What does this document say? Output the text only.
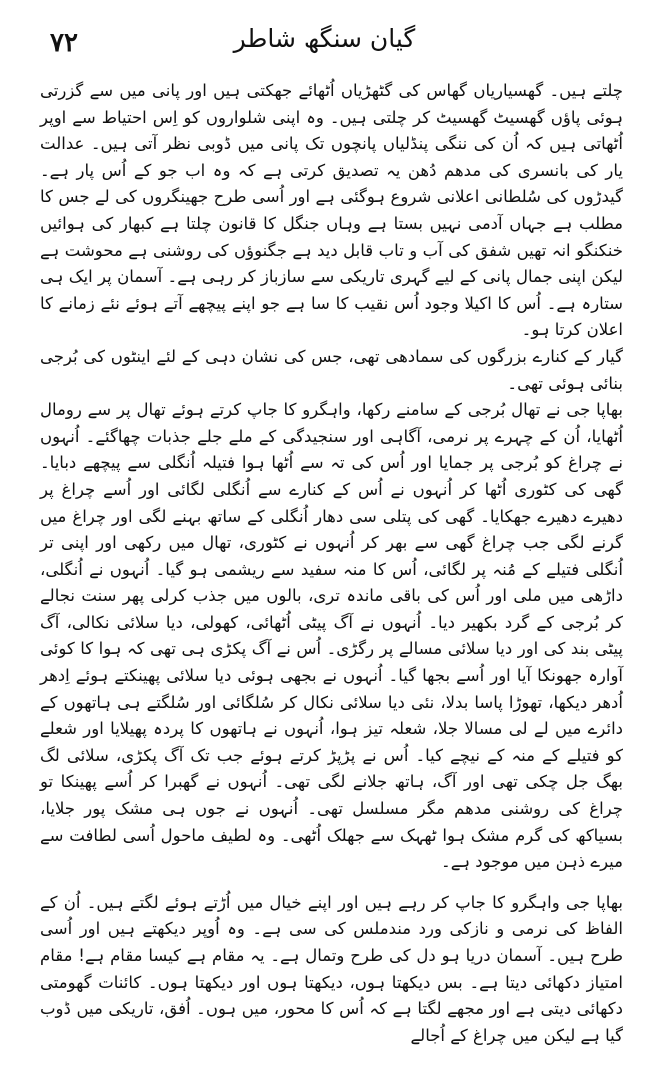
۷۲	گیان سنگھ شاطر

چلتے ہیں۔ گھسیاریاں گھاس کی گٹھڑیاں اُٹھائے جھکتی ہیں اور پانی میں سے گزرتی ہوئی پاؤں گھسیٹ گھسیٹ کر چلتی ہیں۔ وہ اپنی شلواروں کو اِس احتیاط سے اوپر اُٹھاتی ہیں کہ اُن کی ننگی پنڈلیاں پانچوں تک پانی میں ڈوبی نظر آتی ہیں۔ عدالت یار کی بانسری کی مدھم دُھن یہ تصدیق کرتی ہے کہ وہ اب جو کے اُس پار ہے۔ گیدڑوں کی سُلطانی اعلانی شروع ہوگئی ہے اور اُسی طرح جھینگروں کی لے جس کا مطلب ہے جہاں آدمی نہیں بستا ہے وہاں جنگل کا قانون چلتا ہے کبھار کی ہوائیں خنکنگو انہ تھیں شفق کی آب و تاب قابل دید ہے جگنوؤں کی روشنی ہے محوشت ہے لیکن اپنی جمال پانی کے لیے گہری تاریکی سے سازباز کر رہی ہے۔ آسمان پر ایک ہی ستارہ ہے۔ اُس کا اکیلا وجود اُس نقیب کا سا ہے جو اپنے پیچھے آتے ہوئے نئے زمانے کا اعلان کرتا ہو۔

گیار کے کنارے بزرگوں کی سمادھی تھی، جس کی نشان دہی کے لئے اینٹوں کی بُرجی بنائی ہوئی تھی۔

بھاپا جی نے تھال بُرجی کے سامنے رکھا، واہگرو کا جاپ کرتے ہوئے تھال پر سے رومال اُٹھایا، اُن کے چہرے پر نرمی، آگاہی اور سنجیدگی کے ملے جلے جذبات چھاگئے۔ اُنہوں نے چراغ کو بُرجی پر جمایا اور اُس کی تہ سے اُٹھا ہوا فتیلہ اُنگلی سے پیچھے دبایا۔ گھی کی کٹوری اُٹھا کر اُنہوں نے اُس کے کنارے سے اُنگلی لگائی اور اُسے چراغ پر دھیرے دھیرے جھکایا۔ گھی کی پتلی سی دھار اُنگلی کے ساتھ بہنے لگی اور چراغ میں گرنے لگی جب چراغ گھی سے بھر کر اُنہوں نے کٹوری، تھال میں رکھی اور اپنی تر اُنگلی فتیلے کے مُنہ پر لگائی، اُس کا منہ سفید سے ریشمی ہو گیا۔ اُنہوں نے اُنگلی، داڑھی میں ملی اور اُس کی باقی ماندہ تری، بالوں میں جذب کرلی پھر سنت نجالے کر بُرجی کے گرد بکھیر دیا۔ اُنہوں نے آگ پیٹی اُٹھائی، کھولی، دیا سلائی نکالی، آگ پیٹی بند کی اور دیا سلائی مسالے پر رگڑی۔ اُس نے آگ پکڑی ہی تھی کہ ہوا کا کوئی آوارہ جھونکا آیا اور اُسے بجھا گیا۔ اُنہوں نے بجھی ہوئی دیا سلائی پھینکتے ہوئے اِدھر اُدھر دیکھا، تھوڑا پاسا بدلا، نئی دیا سلائی نکال کر سُلگائی اور سُلگتے ہی ہاتھوں کے دائرے میں لے لی مسالا جلا، شعلہ تیز ہوا، اُنہوں نے ہاتھوں کا پردہ پھیلایا اور شعلے کو فتیلے کے منہ کے نیچے کیا۔ اُس نے پڑپڑ کرتے ہوئے جب تک آگ پکڑی، سلائی لگ بھگ جل چکی تھی اور آگ، ہاتھ جلانے لگی تھی۔ اُنہوں نے گھبرا کر اُسے پھینکا تو چراغ کی روشنی مدھم مگر مسلسل تھی۔ اُنہوں نے جوں ہی مشک پور جلایا، بسیاکھ کی گرم مشک ہوا ٹھہک سے جھلک اُٹھی۔ وہ لطیف ماحول اُسی لطافت سے میرے ذہن میں موجود ہے۔

بھاپا جی واہگرو کا جاپ کر رہے ہیں اور اپنے خیال میں اُڑتے ہوئے لگتے ہیں۔ اُن کے الفاظ کی نرمی و نازکی ورد مندملس کی سی ہے۔ وہ اُوپر دیکھتے ہیں اور اُسی طرح ہیں۔ آسمان دریا ہو دل کی طرح وتمال ہے۔ یہ مقام ہے کیسا مقام ہے! مقام امتیاز دکھائی دیتا ہے۔ بس دیکھتا ہوں، دیکھتا ہوں اور دیکھتا ہوں۔ کائنات گھومتی دکھائی دیتی ہے اور مجھے لگتا ہے کہ اُس کا محور، میں ہوں۔ اُفق، تاریکی میں ڈوب گیا ہے لیکن میں چراغ کے اُجالے
